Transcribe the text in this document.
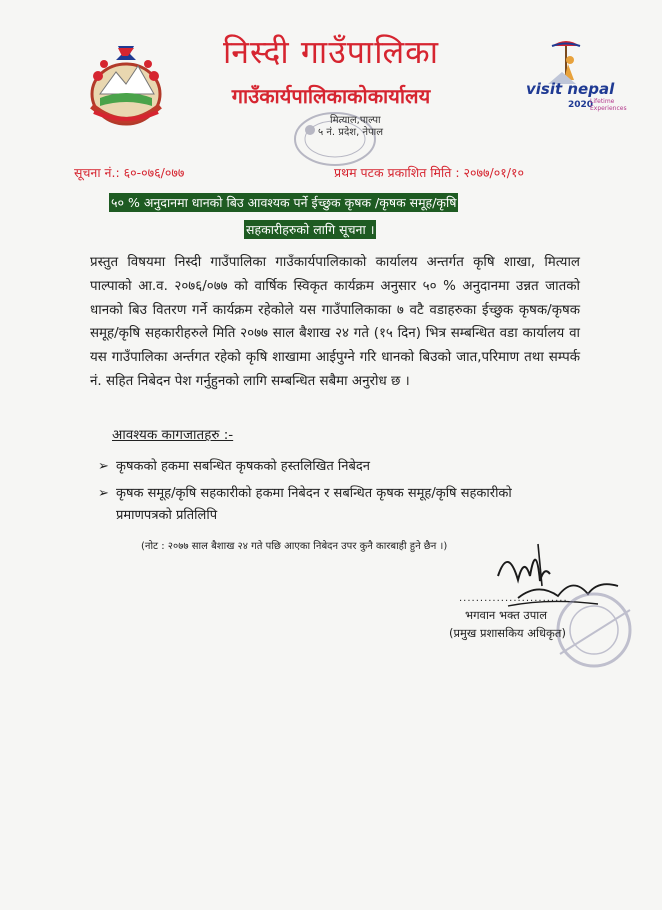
visit nepal
2020
Lifetime Experiences
निस्दी गाउँपालिका
गाउँकार्यपालिकाकोकार्यालय
मित्याल,पाल्पा
५ नं. प्रदेश, नेपाल
सूचना नं.: ६०-०७६/०७७	प्रथम पटक प्रकाशित मिति : २०७७/०१/१०
५० % अनुदानमा धानको बिउ आवश्यक पर्ने ईच्छुक कृषक /कृषक समूह/कृषि
सहकारीहरुको लागि सूचना ।
प्रस्तुत विषयमा निस्दी गाउँपालिका गाउँकार्यपालिकाको कार्यालय अन्तर्गत कृषि शाखा, मित्याल पाल्पाको आ.व. २०७६/०७७ को वार्षिक स्विकृत कार्यक्रम अनुसार ५० % अनुदानमा उन्नत जातको धानको बिउ वितरण गर्ने कार्यक्रम रहेकोले यस गाउँपालिकाका ७ वटै वडाहरुका ईच्छुक कृषक/कृषक समूह/कृषि सहकारीहरुले मिति २०७७ साल बैशाख २४ गते (१५ दिन) भित्र सम्बन्धित वडा कार्यालय वा यस गाउँपालिका अर्न्तगत रहेको कृषि शाखामा आईपुग्ने गरि धानको बिउको जात,परिमाण तथा सम्पर्क नं. सहित निबेदन पेश गर्नुहुनको लागि सम्बन्धित सबैमा अनुरोध छ ।
आवश्यक कागजातहरु :-
➢ कृषकको हकमा सबन्धित कृषकको हस्तलिखित निबेदन
➢ कृषक समूह/कृषि सहकारीको हकमा निबेदन र सबन्धित कृषक समूह/कृषि सहकारीको प्रमाणपत्रको प्रतिलिपि
(नोट : २०७७ साल बैशाख २४ गते पछि आएका निबेदन उपर कुनै कारबाही हुने छैन ।)
..........................
भगवान भक्त उपाल
(प्रमुख प्रशासकिय अधिकृत)
